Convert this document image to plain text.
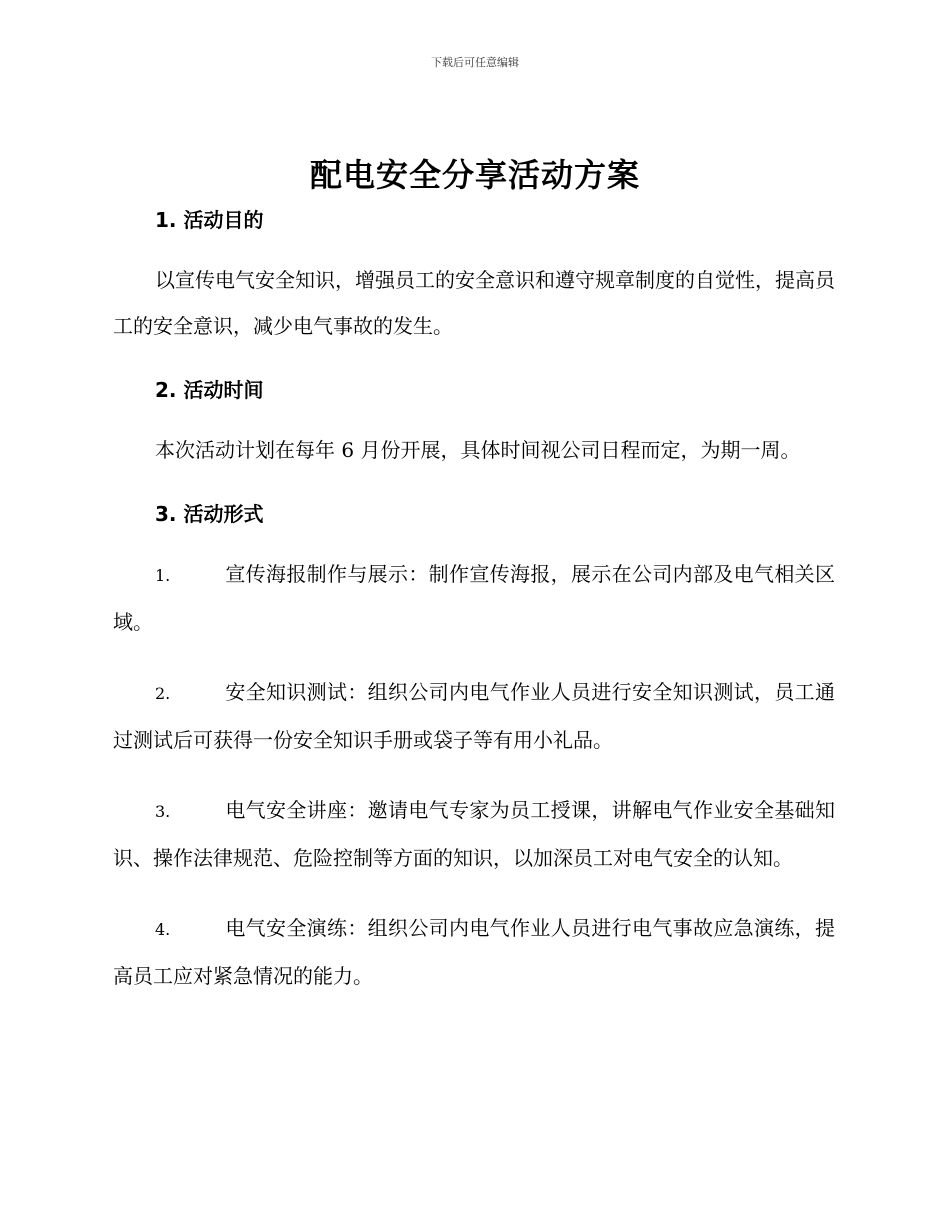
下载后可任意编辑
配电安全分享活动方案
1. 活动目的

以宣传电气安全知识，增强员工的安全意识和遵守规章制度的自觉性，提高员工的安全意识，减少电气事故的发生。

2. 活动时间

本次活动计划在每年 6 月份开展，具体时间视公司日程而定，为期一周。

3. 活动形式

1.	宣传海报制作与展示：制作宣传海报，展示在公司内部及电气相关区域。

2.	安全知识测试：组织公司内电气作业人员进行安全知识测试，员工通过测试后可获得一份安全知识手册或袋子等有用小礼品。

3.	电气安全讲座：邀请电气专家为员工授课，讲解电气作业安全基础知识、操作法律规范、危险控制等方面的知识，以加深员工对电气安全的认知。

4.	电气安全演练：组织公司内电气作业人员进行电气事故应急演练，提高员工应对紧急情况的能力。
